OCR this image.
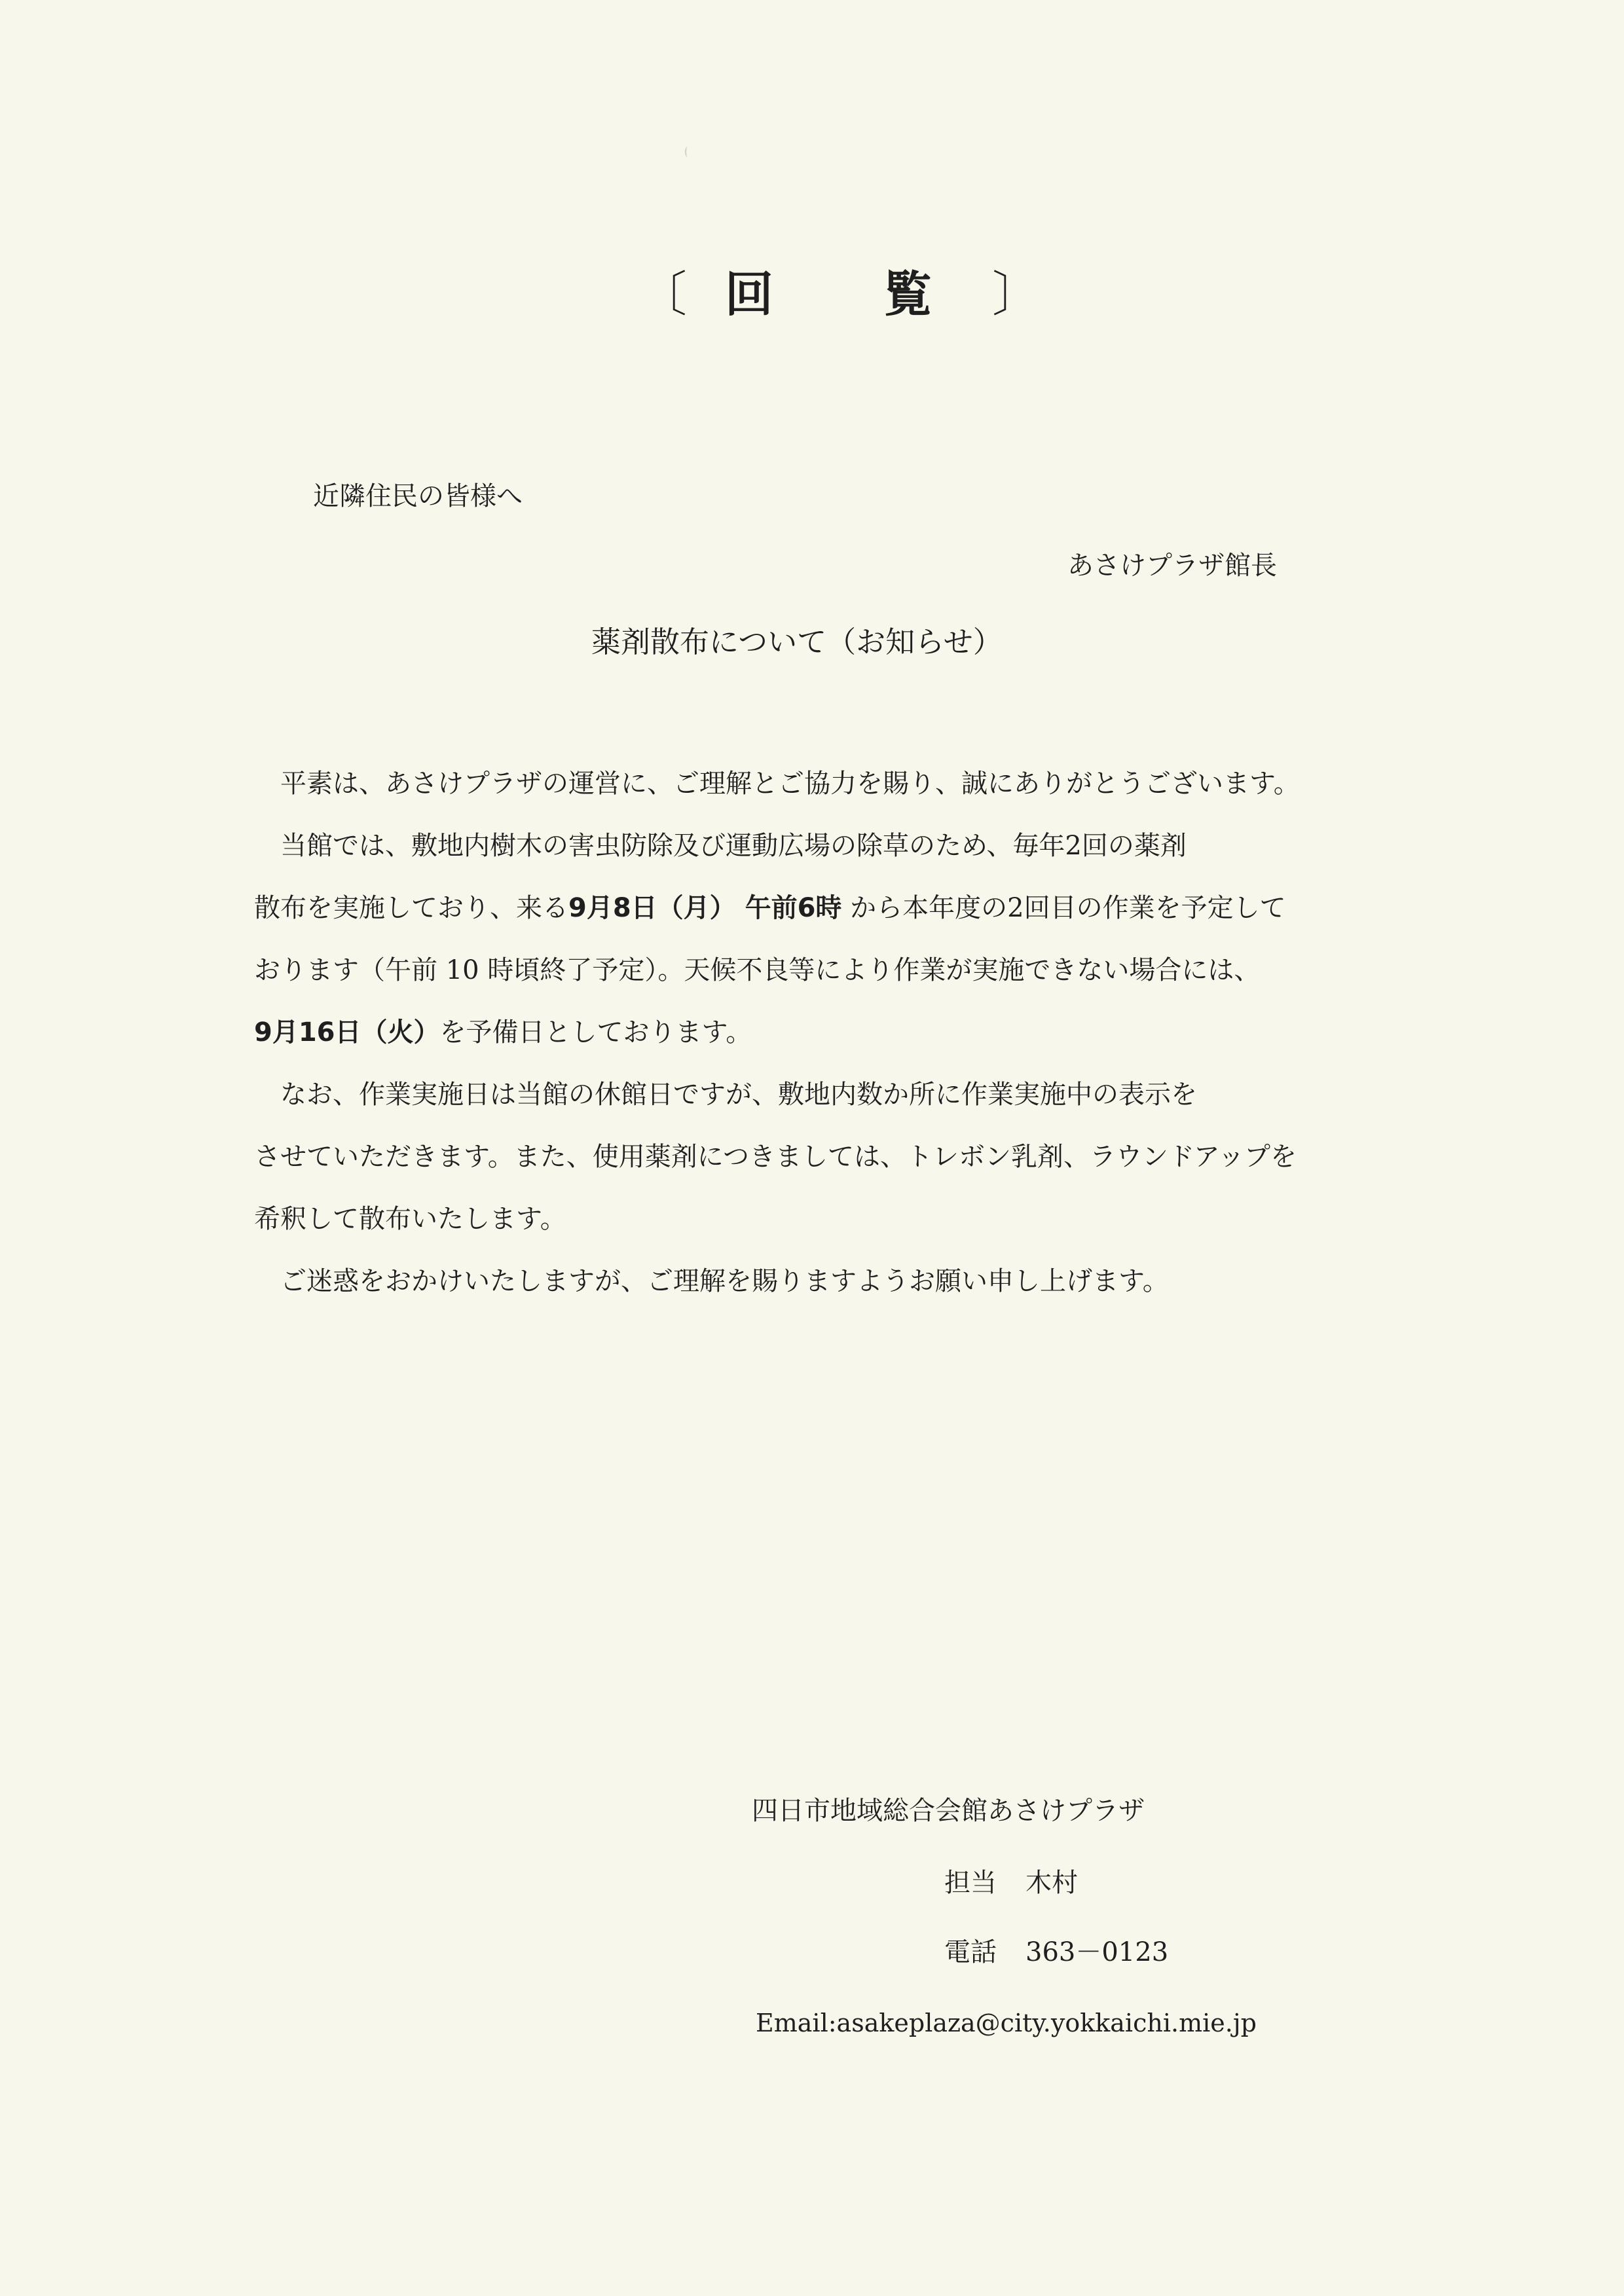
〔 回 覧 〕
近隣住民の皆様へ
あさけプラザ館長
薬剤散布について（お知らせ）
平素は、あさけプラザの運営に、ご理解とご協力を賜り、誠にありがとうございます。
当館では、敷地内樹木の害虫防除及び運動広場の除草のため、毎年2回の薬剤
散布を実施しており、来る9月8日（月） 午前6時 から本年度の2回目の作業を予定して
おります（午前 10 時頃終了予定）。天候不良等により作業が実施できない場合には、
9月16日（火）を予備日としております。
なお、作業実施日は当館の休館日ですが、敷地内数か所に作業実施中の表示を
させていただきます。また、使用薬剤につきましては、トレボン乳剤、ラウンドアップを
希釈して散布いたします。
ご迷惑をおかけいたしますが、ご理解を賜りますようお願い申し上げます。
四日市地域総合会館あさけプラザ
担当 木村
電話 363－0123
Email:asakeplaza@city.yokkaichi.mie.jp
